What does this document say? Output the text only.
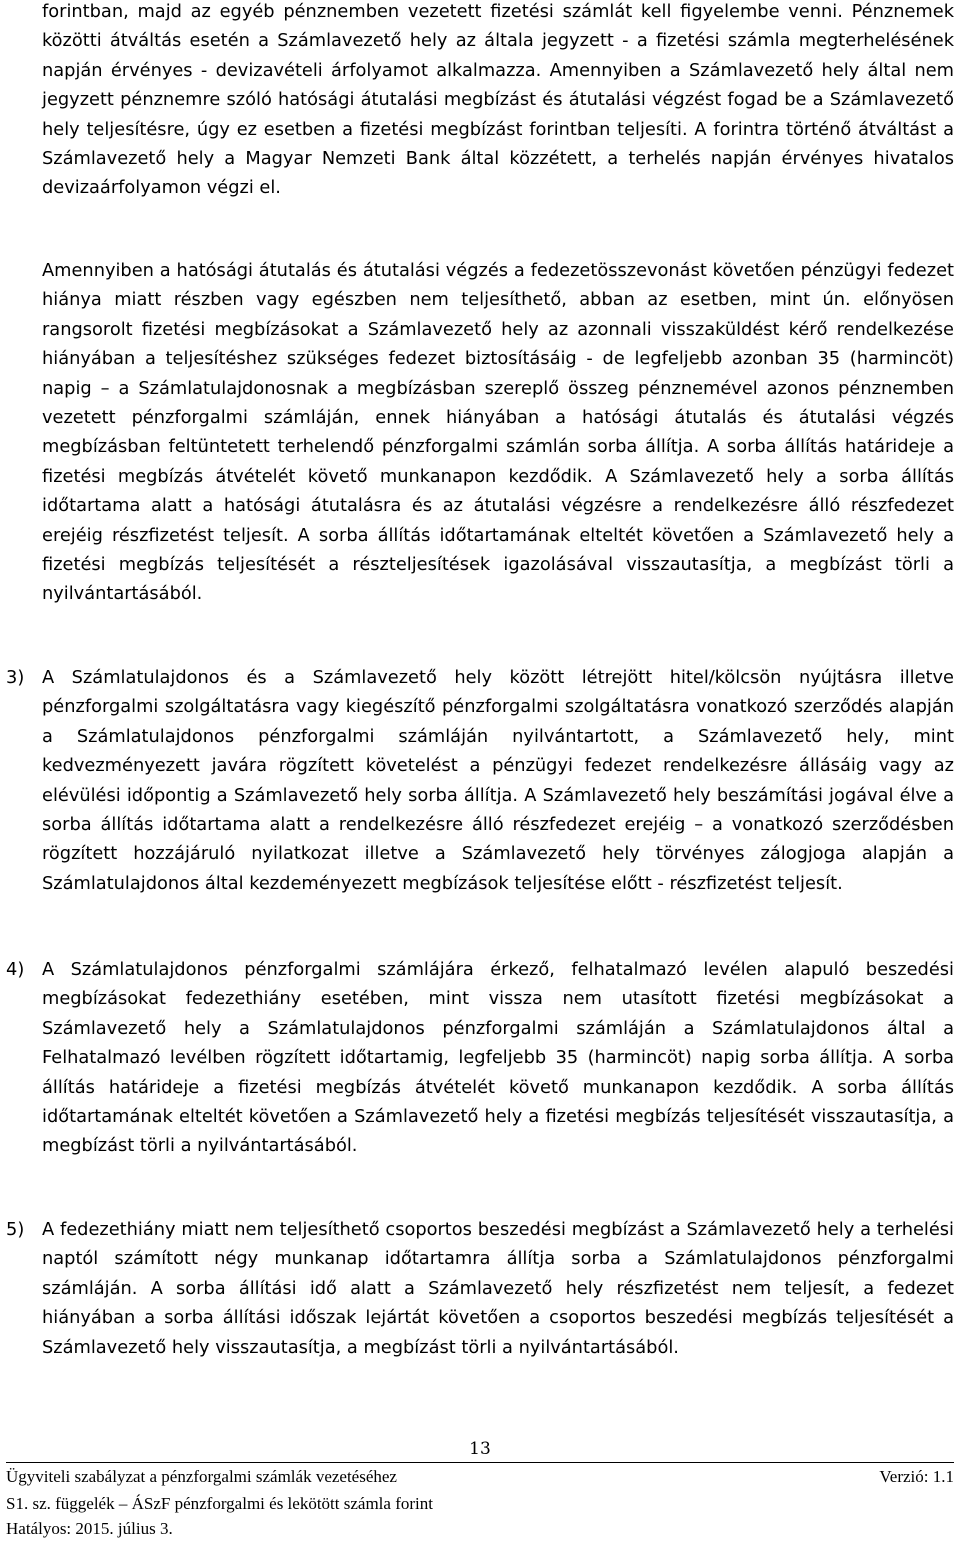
forintban, majd az egyéb pénznemben vezetett fizetési számlát kell figyelembe venni. Pénznemek közötti átváltás esetén a Számlavezető hely az általa jegyzett - a fizetési számla megterhelésének napján érvényes - devizavételi árfolyamot alkalmazza. Amennyiben a Számlavezető hely által nem jegyzett pénznemre szóló hatósági átutalási megbízást és átutalási végzést fogad be a Számlavezető hely teljesítésre, úgy ez esetben a fizetési megbízást forintban teljesíti. A forintra történő átváltást a Számlavezető hely a Magyar Nemzeti Bank által közzétett, a terhelés napján érvényes hivatalos devizaárfolyamon végzi el.

Amennyiben a hatósági átutalás és átutalási végzés a fedezetösszevonást követően pénzügyi fedezet hiánya miatt részben vagy egészben nem teljesíthető, abban az esetben, mint ún. előnyösen rangsorolt fizetési megbízásokat a Számlavezető hely az azonnali visszaküldést kérő rendelkezése hiányában a teljesítéshez szükséges fedezet biztosításáig - de legfeljebb azonban 35 (harmincöt) napig – a Számlatulajdonosnak a megbízásban szereplő összeg pénznemével azonos pénznemben vezetett pénzforgalmi számláján, ennek hiányában a hatósági átutalás és átutalási végzés megbízásban feltüntetett terhelendő pénzforgalmi számlán sorba állítja. A sorba állítás határideje a fizetési megbízás átvételét követő munkanapon kezdődik. A Számlavezető hely a sorba állítás időtartama alatt a hatósági átutalásra és az átutalási végzésre a rendelkezésre álló részfedezet erejéig részfizetést teljesít. A sorba állítás időtartamának elteltét követően a Számlavezető hely a fizetési megbízás teljesítését a részteljesítések igazolásával visszautasítja, a megbízást törli a nyilvántartásából.

3) A Számlatulajdonos és a Számlavezető hely között létrejött hitel/kölcsön nyújtásra illetve pénzforgalmi szolgáltatásra vagy kiegészítő pénzforgalmi szolgáltatásra vonatkozó szerződés alapján a Számlatulajdonos pénzforgalmi számláján nyilvántartott, a Számlavezető hely, mint kedvezményezett javára rögzített követelést a pénzügyi fedezet rendelkezésre állásáig vagy az elévülési időpontig a Számlavezető hely sorba állítja. A Számlavezető hely beszámítási jogával élve a sorba állítás időtartama alatt a rendelkezésre álló részfedezet erejéig – a vonatkozó szerződésben rögzített hozzájáruló nyilatkozat illetve a Számlavezető hely törvényes zálogjoga alapján a Számlatulajdonos által kezdeményezett megbízások teljesítése előtt - részfizetést teljesít.

4) A Számlatulajdonos pénzforgalmi számlájára érkező, felhatalmazó levélen alapuló beszedési megbízásokat fedezethiány esetében, mint vissza nem utasított fizetési megbízásokat a Számlavezető hely a Számlatulajdonos pénzforgalmi számláján a Számlatulajdonos által a Felhatalmazó levélben rögzített időtartamig, legfeljebb 35 (harmincöt) napig sorba állítja. A sorba állítás határideje a fizetési megbízás átvételét követő munkanapon kezdődik. A sorba állítás időtartamának elteltét követően a Számlavezető hely a fizetési megbízás teljesítését visszautasítja, a megbízást törli a nyilvántartásából.

5) A fedezethiány miatt nem teljesíthető csoportos beszedési megbízást a Számlavezető hely a terhelési naptól számított négy munkanap időtartamra állítja sorba a Számlatulajdonos pénzforgalmi számláján. A sorba állítási idő alatt a Számlavezető hely részfizetést nem teljesít, a fedezet hiányában a sorba állítási időszak lejártát követően a csoportos beszedési megbízás teljesítését a Számlavezető hely visszautasítja, a megbízást törli a nyilvántartásából.

13
Ügyviteli szabályzat a pénzforgalmi számlák vezetéséhez	Verzió: 1.1
S1. sz. függelék – ÁSzF pénzforgalmi és lekötött számla forint
Hatályos: 2015. július 3.
